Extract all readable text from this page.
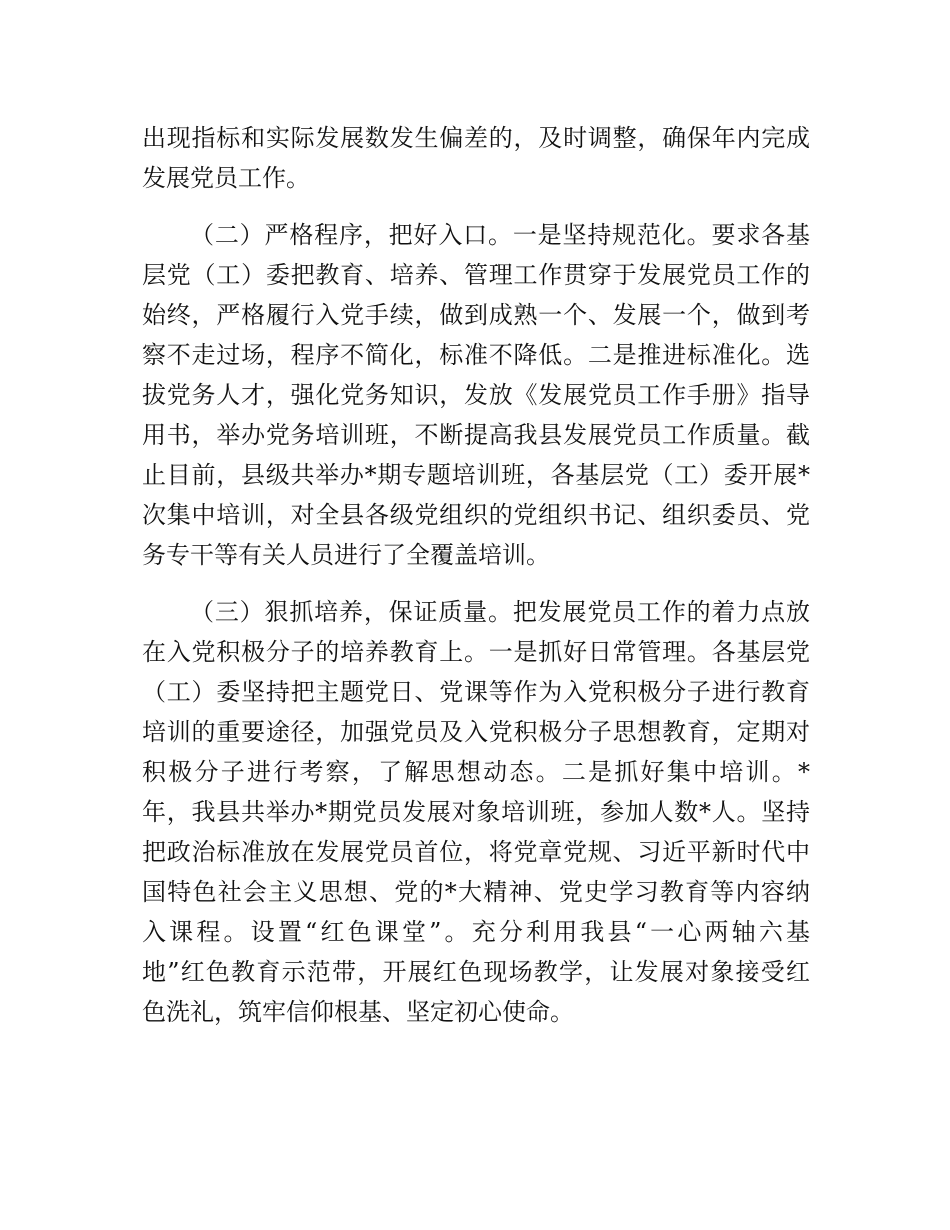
出现指标和实际发展数发生偏差的，及时调整，确保年内完成
发展党员工作。
（二）严格程序，把好入口。一是坚持规范化。要求各基
层党（工）委把教育、培养、管理工作贯穿于发展党员工作的
始终，严格履行入党手续，做到成熟一个、发展一个，做到考
察不走过场，程序不简化，标准不降低。二是推进标准化。选
拔党务人才，强化党务知识，发放《发展党员工作手册》指导
用书，举办党务培训班，不断提高我县发展党员工作质量。截
止目前，县级共举办*期专题培训班，各基层党（工）委开展*
次集中培训，对全县各级党组织的党组织书记、组织委员、党
务专干等有关人员进行了全覆盖培训。
（三）狠抓培养，保证质量。把发展党员工作的着力点放
在入党积极分子的培养教育上。一是抓好日常管理。各基层党
（工）委坚持把主题党日、党课等作为入党积极分子进行教育
培训的重要途径，加强党员及入党积极分子思想教育，定期对
积极分子进行考察，了解思想动态。二是抓好集中培训。*
年，我县共举办*期党员发展对象培训班，参加人数*人。坚持
把政治标准放在发展党员首位，将党章党规、习近平新时代中
国特色社会主义思想、党的*大精神、党史学习教育等内容纳
入课程。设置“红色课堂”。充分利用我县“一心两轴六基
地”红色教育示范带，开展红色现场教学，让发展对象接受红
色洗礼，筑牢信仰根基、坚定初心使命。
